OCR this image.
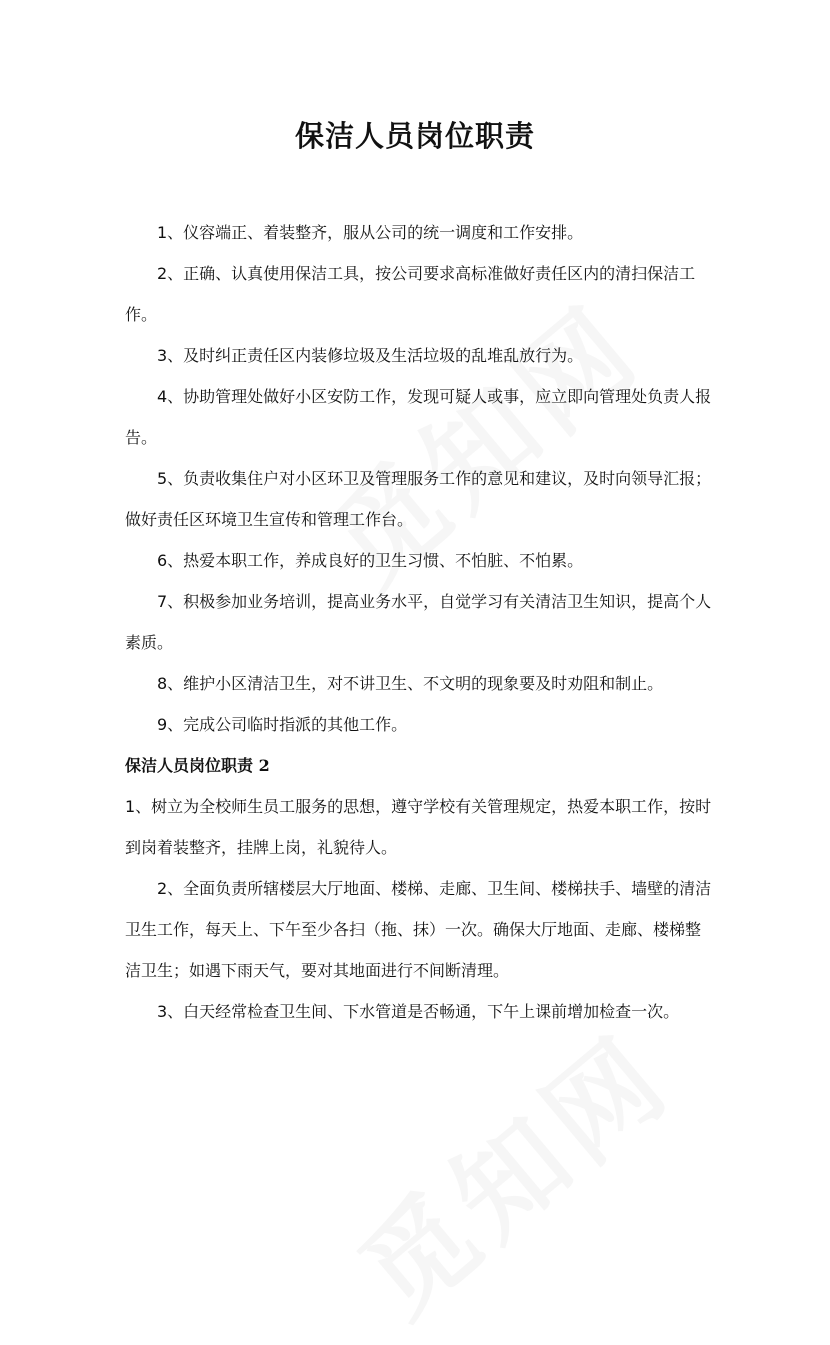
保洁人员岗位职责

1、仪容端正、着装整齐，服从公司的统一调度和工作安排。

2、正确、认真使用保洁工具，按公司要求高标准做好责任区内的清扫保洁工作。

3、及时纠正责任区内装修垃圾及生活垃圾的乱堆乱放行为。

4、协助管理处做好小区安防工作，发现可疑人或事，应立即向管理处负责人报告。

5、负责收集住户对小区环卫及管理服务工作的意见和建议，及时向领导汇报；做好责任区环境卫生宣传和管理工作台。

6、热爱本职工作，养成良好的卫生习惯、不怕脏、不怕累。

7、积极参加业务培训，提高业务水平，自觉学习有关清洁卫生知识，提高个人素质。

8、维护小区清洁卫生，对不讲卫生、不文明的现象要及时劝阻和制止。

9、完成公司临时指派的其他工作。

保洁人员岗位职责 2

1、树立为全校师生员工服务的思想，遵守学校有关管理规定，热爱本职工作，按时到岗着装整齐，挂牌上岗，礼貌待人。

2、全面负责所辖楼层大厅地面、楼梯、走廊、卫生间、楼梯扶手、墙壁的清洁卫生工作，每天上、下午至少各扫（拖、抹）一次。确保大厅地面、走廊、楼梯整洁卫生；如遇下雨天气，要对其地面进行不间断清理。

3、白天经常检查卫生间、下水管道是否畅通，下午上课前增加检查一次。
